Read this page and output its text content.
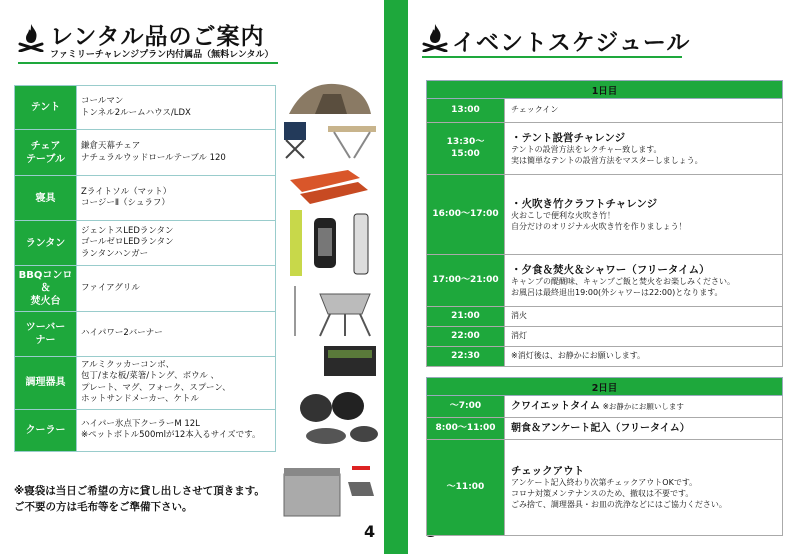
レンタル品のご案内
ファミリーチャレンジプラン内付属品（無料レンタル）
テント	コールマン
トンネル2ルームハウス/LDX
チェア
テーブル	鎌倉天幕チェア
ナチュラルウッドロールテーブル 120
寝具	Zライトソル（マット）
コージーⅡ（シュラフ）
ランタン	ジェントスLEDランタン
ゴールゼロLEDランタン
ランタンハンガー
BBQコンロ
＆
焚火台	ファイアグリル
ツーバー
ナー	ハイパワー2バーナー
調理器具	アルミクッカーコンボ、
包丁/まな板/菜箸/トング、ボウル 、
プレート、マグ、フォーク、スプーン、
ホットサンドメーカー、ケトル
クーラー	ハイパー氷点下クーラーM 12L
※ペットボトル500mlが12本入るサイズです。
※寝袋は当日ご希望の方に貸し出しさせて頂きます。
ご不要の方は毛布等をご準備下さい。
4
イベントスケジュール
1日目	
13:00	チェックイン

13:30～
15:00	・テント設営チャレンジ
テントの設営方法をレクチャー致します。
実は簡単なテントの設営方法をマスターしましょう。

16:00～17:00	・火吹き竹クラフトチャレンジ
火おこしで便利な火吹き竹！
自分だけのオリジナル火吹き竹を作りましょう！

17:00～21:00	・夕食＆焚火＆シャワー（フリータイム）
キャンプの醍醐味、キャンプご飯と焚火をお楽しみください。
お風呂は最終退出19:00(外シャワーは22:00)となります。

21:00	消火

22:00	消灯

22:30	※消灯後は、お静かにお願いします。
2日目	
～7:00	クワイエットタイム ※お静かにお願いします
8:00～11:00	朝食＆アンケート記入（フリータイム）
～11:00	チェックアウト
アンケート記入終わり次第チェックアウトOKです。
コロナ対策メンテナンスのため、撤収は不要です。
ごみ捨て、調理器具・お皿の洗浄などにはご協力ください。
